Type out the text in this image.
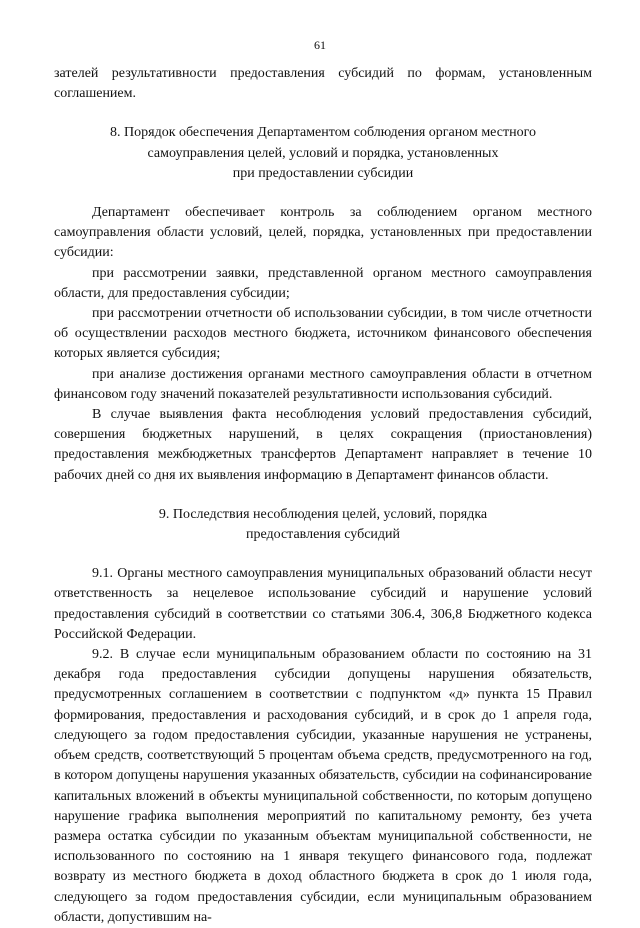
61

зателей результативности предоставления субсидий по формам, установленным соглашением.

8. Порядок обеспечения Департаментом соблюдения органом местного
самоуправления целей, условий и порядка, установленных
при предоставлении субсидии

Департамент обеспечивает контроль за соблюдением органом местного самоуправления области условий, целей, порядка, установленных при предоставлении субсидии:

при рассмотрении заявки, представленной органом местного самоуправления области, для предоставления субсидии;

при рассмотрении отчетности об использовании субсидии, в том числе отчетности об осуществлении расходов местного бюджета, источником финансового обеспечения которых является субсидия;

при анализе достижения органами местного самоуправления области в отчетном финансовом году значений показателей результативности использования субсидий.

В случае выявления факта несоблюдения условий предоставления субсидий, совершения бюджетных нарушений, в целях сокращения (приостановления) предоставления межбюджетных трансфертов Департамент направляет в течение 10 рабочих дней со дня их выявления информацию в Департамент финансов области.

9. Последствия несоблюдения целей, условий, порядка
предоставления субсидий

9.1. Органы местного самоуправления муниципальных образований области несут ответственность за нецелевое использование субсидий и нарушение условий предоставления субсидий в соответствии со статьями 306.4, 306,8 Бюджетного кодекса Российской Федерации.

9.2. В случае если муниципальным образованием области по состоянию на 31 декабря года предоставления субсидии допущены нарушения обязательств, предусмотренных соглашением в соответствии с подпунктом «д» пункта 15 Правил формирования, предоставления и расходования субсидий, и в срок до 1 апреля года, следующего за годом предоставления субсидии, указанные нарушения не устранены, объем средств, соответствующий 5 процентам объема средств, предусмотренного на год, в котором допущены нарушения указанных обязательств, субсидии на софинансирование капитальных вложений в объекты муниципальной собственности, по которым допущено нарушение графика выполнения мероприятий по капитальному ремонту, без учета размера остатка субсидии по указанным объектам муниципальной собственности, не использованного по состоянию на 1 января текущего финансового года, подлежат возврату из местного бюджета в доход областного бюджета в срок до 1 июля года, следующего за годом предоставления субсидии, если муниципальным образованием области, допустившим на-
